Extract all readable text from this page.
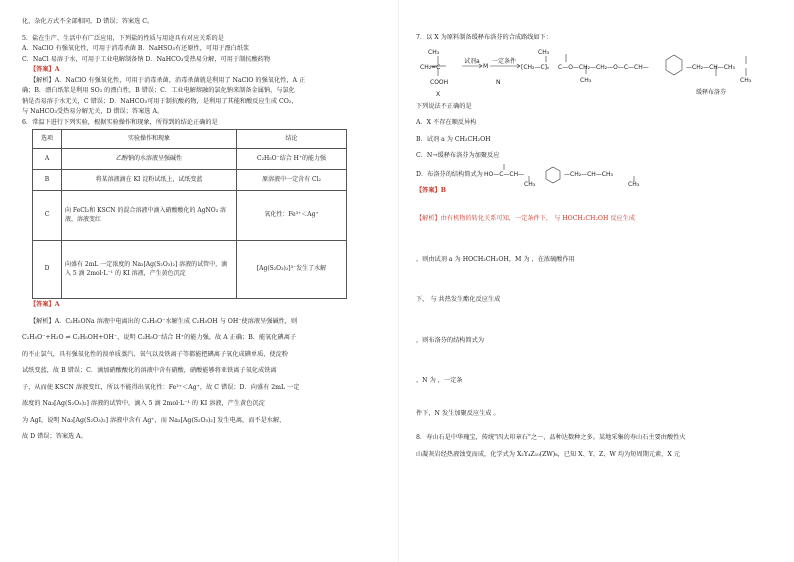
化，杂化方式不全部相同，D 错误；答案选 C。
5．盐在生产、生活中有广泛应用，下列盐的性质与用途具有对应关系的是
A．NaClO 有强氧化性，可用于消毒杀菌 B．NaHSO₃有还原性，可用于漂白纸浆
C．NaCl 易溶于水，可用于工业电解制备钠 D．NaHCO₃受热易分解，可用于制抗酸药物
【答案】A
【解析】A．NaClO 有强氧化性，可用于消毒杀菌，消毒杀菌就是利用了 NaClO 的强氧化性，A 正
确；B．漂白纸浆是利用 SO₂ 的漂白性，B 错误；C．工业电解熔融的氯化钠来制备金属钠，与氯化
钠是否易溶于水无关，C 错误；D．NaHCO₃可用于制抗酸药物，是利用了其能和酸反应生成 CO₂，
与 NaHCO₃受热易分解无关，D 错误；答案选 A。
6．常温下进行下列实验，根据实验操作和现象，所得到的结论正确的是
选项	实验操作和现象	结论
A	乙醇钠的水溶液呈强碱性	C₂H₅O⁻结合 H⁺的能力强
B	将某溶液滴在 KI 淀粉试纸上，试纸变蓝	原溶液中一定含有 Cl₂
C	向 FeCl₂和 KSCN 的混合溶液中滴入硝酸酸化的 AgNO₃ 溶液，溶液变红	氧化性：Fe³⁺＜Ag⁺
D	向盛有 2mL 一定浓度的 Na₃[Ag(S₂O₃)₂] 溶液的试管中，滴入 5 滴 2mol·L⁻¹ 的 KI 溶液，产生黄色沉淀	[Ag(S₂O₃)₂]³⁻发生了水解
【答案】A
【解析】A．C₂H₅ONa 溶液中电离出的 C₂H₅O⁻水解生成 C₂H₅OH 与 OH⁻使溶液呈强碱性，则
C₂H₅O⁻+H₂O ⇌ C₂H₅OH+OH⁻，说明 C₂H₅O⁻结合 H⁺的能力强，故 A 正确；B．能氧化碘离子
的不止氯气，具有强氧化性的溴单质蒸汽、氧气以及铁离子等都能把碘离子氧化成碘单质，使淀粉
试纸变蓝，故 B 错误；C．滴加硝酸酸化的溶液中含有硝酸，硝酸能够将亚铁离子氧化成铁离
子，从而使 KSCN 溶液变红，所以不能得出氧化性：Fe³⁺＜Ag⁺，故 C 错误；D．向盛有 2mL 一定
浓度的 Na₃[Ag(S₂O₃)₂] 溶液的试管中，滴入 5 滴 2mol·L⁻¹ 的 KI 溶液，产生黄色沉淀
为 AgI，说明 Na₃[Ag(S₂O₃)₂] 溶液中含有 Ag⁺，而 Na₃[Ag(S₂O₃)₂] 发生电离，而不是水解，
故 D 错误；答案选 A。
7．以 X 为原料制备缓释布洛芬的合成路线如下：
CH₃
CH₂=C
COOH
X
试剂a
M
一定条件
[CH₂—C]ₙ
CH₃
C—O—CH₂—CH₂—O—C—CH—
CH₃
—CH₂—CH—CH₃
CH₃
N
缓释布洛芬
下列说法不正确的是
A．X 不存在顺反异构
B．试剂 a 为 CH₃CH₂OH
C．N→缓释布洛芬为加聚反应
D．布洛芬的结构简式为 HO—C—CH—
CH₃
—CH₂—CH—CH₃
CH₃
【答案】B
【解析】由有机物的转化关系可知，一定条件下， 与 HOCH₂CH₂OH 反应生成
，则由试剂 a 为 HOCH₂CH₂OH，M 为 ，在浓硫酸作用
下， 与 共热发生酯化反应生成
，则布洛芬的结构简式为
，N 为 ，一定条
件下，N 发生加聚反应生成 。
8．寿山石是中华瑰宝，传统"四大印章石"之一，品种达数种之多。某地采集的寿山石主要由酸性火
山凝灰岩经热液蚀变而成，化学式为 X₂Y₄Z₁₀(ZW)₈，已知 X、Y、Z、W 均为短周期元素，X 元
